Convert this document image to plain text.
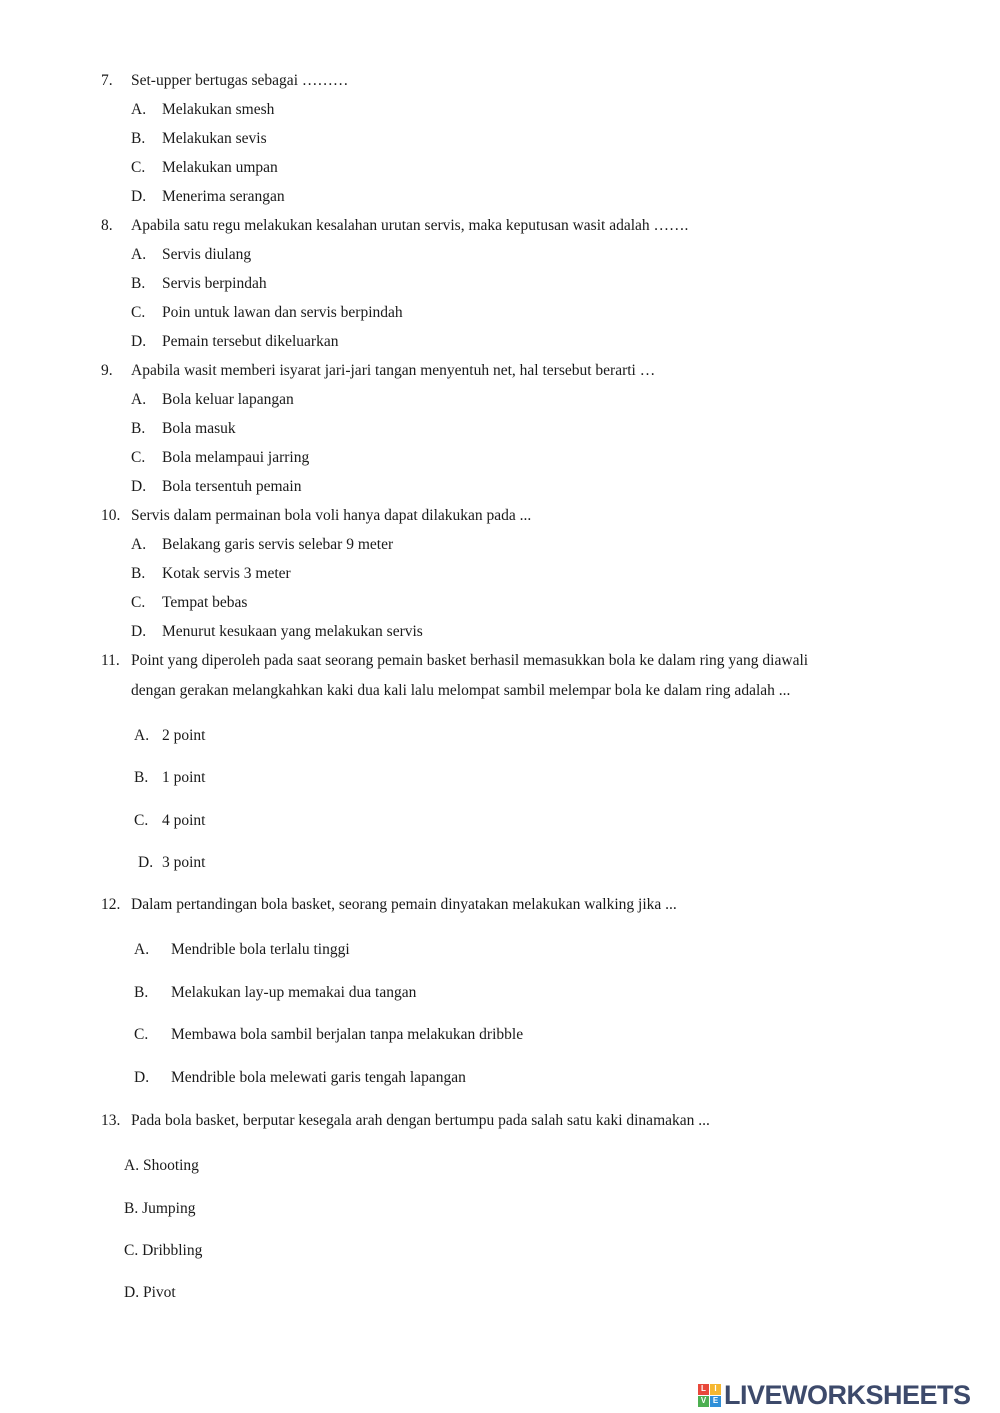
7. Set-upper bertugas sebagai ………
A. Melakukan smesh
B. Melakukan sevis
C. Melakukan umpan
D. Menerima serangan
8. Apabila satu regu melakukan kesalahan urutan servis, maka keputusan wasit adalah …….
A. Servis diulang
B. Servis berpindah
C. Poin untuk lawan dan servis berpindah
D. Pemain tersebut dikeluarkan
9. Apabila wasit memberi isyarat jari-jari tangan menyentuh net, hal tersebut berarti …
A. Bola keluar lapangan
B. Bola masuk
C. Bola melampaui jarring
D. Bola tersentuh pemain
10. Servis dalam permainan bola voli hanya dapat dilakukan pada ...
A. Belakang garis servis selebar 9 meter
B. Kotak servis 3 meter
C. Tempat bebas
D. Menurut kesukaan yang melakukan servis
11. Point yang diperoleh pada saat seorang pemain basket berhasil memasukkan bola ke dalam ring yang diawali
dengan gerakan melangkahkan kaki dua kali lalu melompat sambil melempar bola ke dalam ring adalah ...
A. 2 point
B. 1 point
C. 4 point
D. 3 point
12. Dalam pertandingan bola basket, seorang pemain dinyatakan melakukan walking jika ...
A. Mendrible bola terlalu tinggi
B. Melakukan lay-up memakai dua tangan
C. Membawa bola sambil berjalan tanpa melakukan dribble
D. Mendrible bola melewati garis tengah lapangan
13. Pada bola basket, berputar kesegala arah dengan bertumpu pada salah satu kaki dinamakan ...
A. Shooting
B. Jumping
C. Dribbling
D. Pivot
L	I
V E LIVEWORKSHEETS
